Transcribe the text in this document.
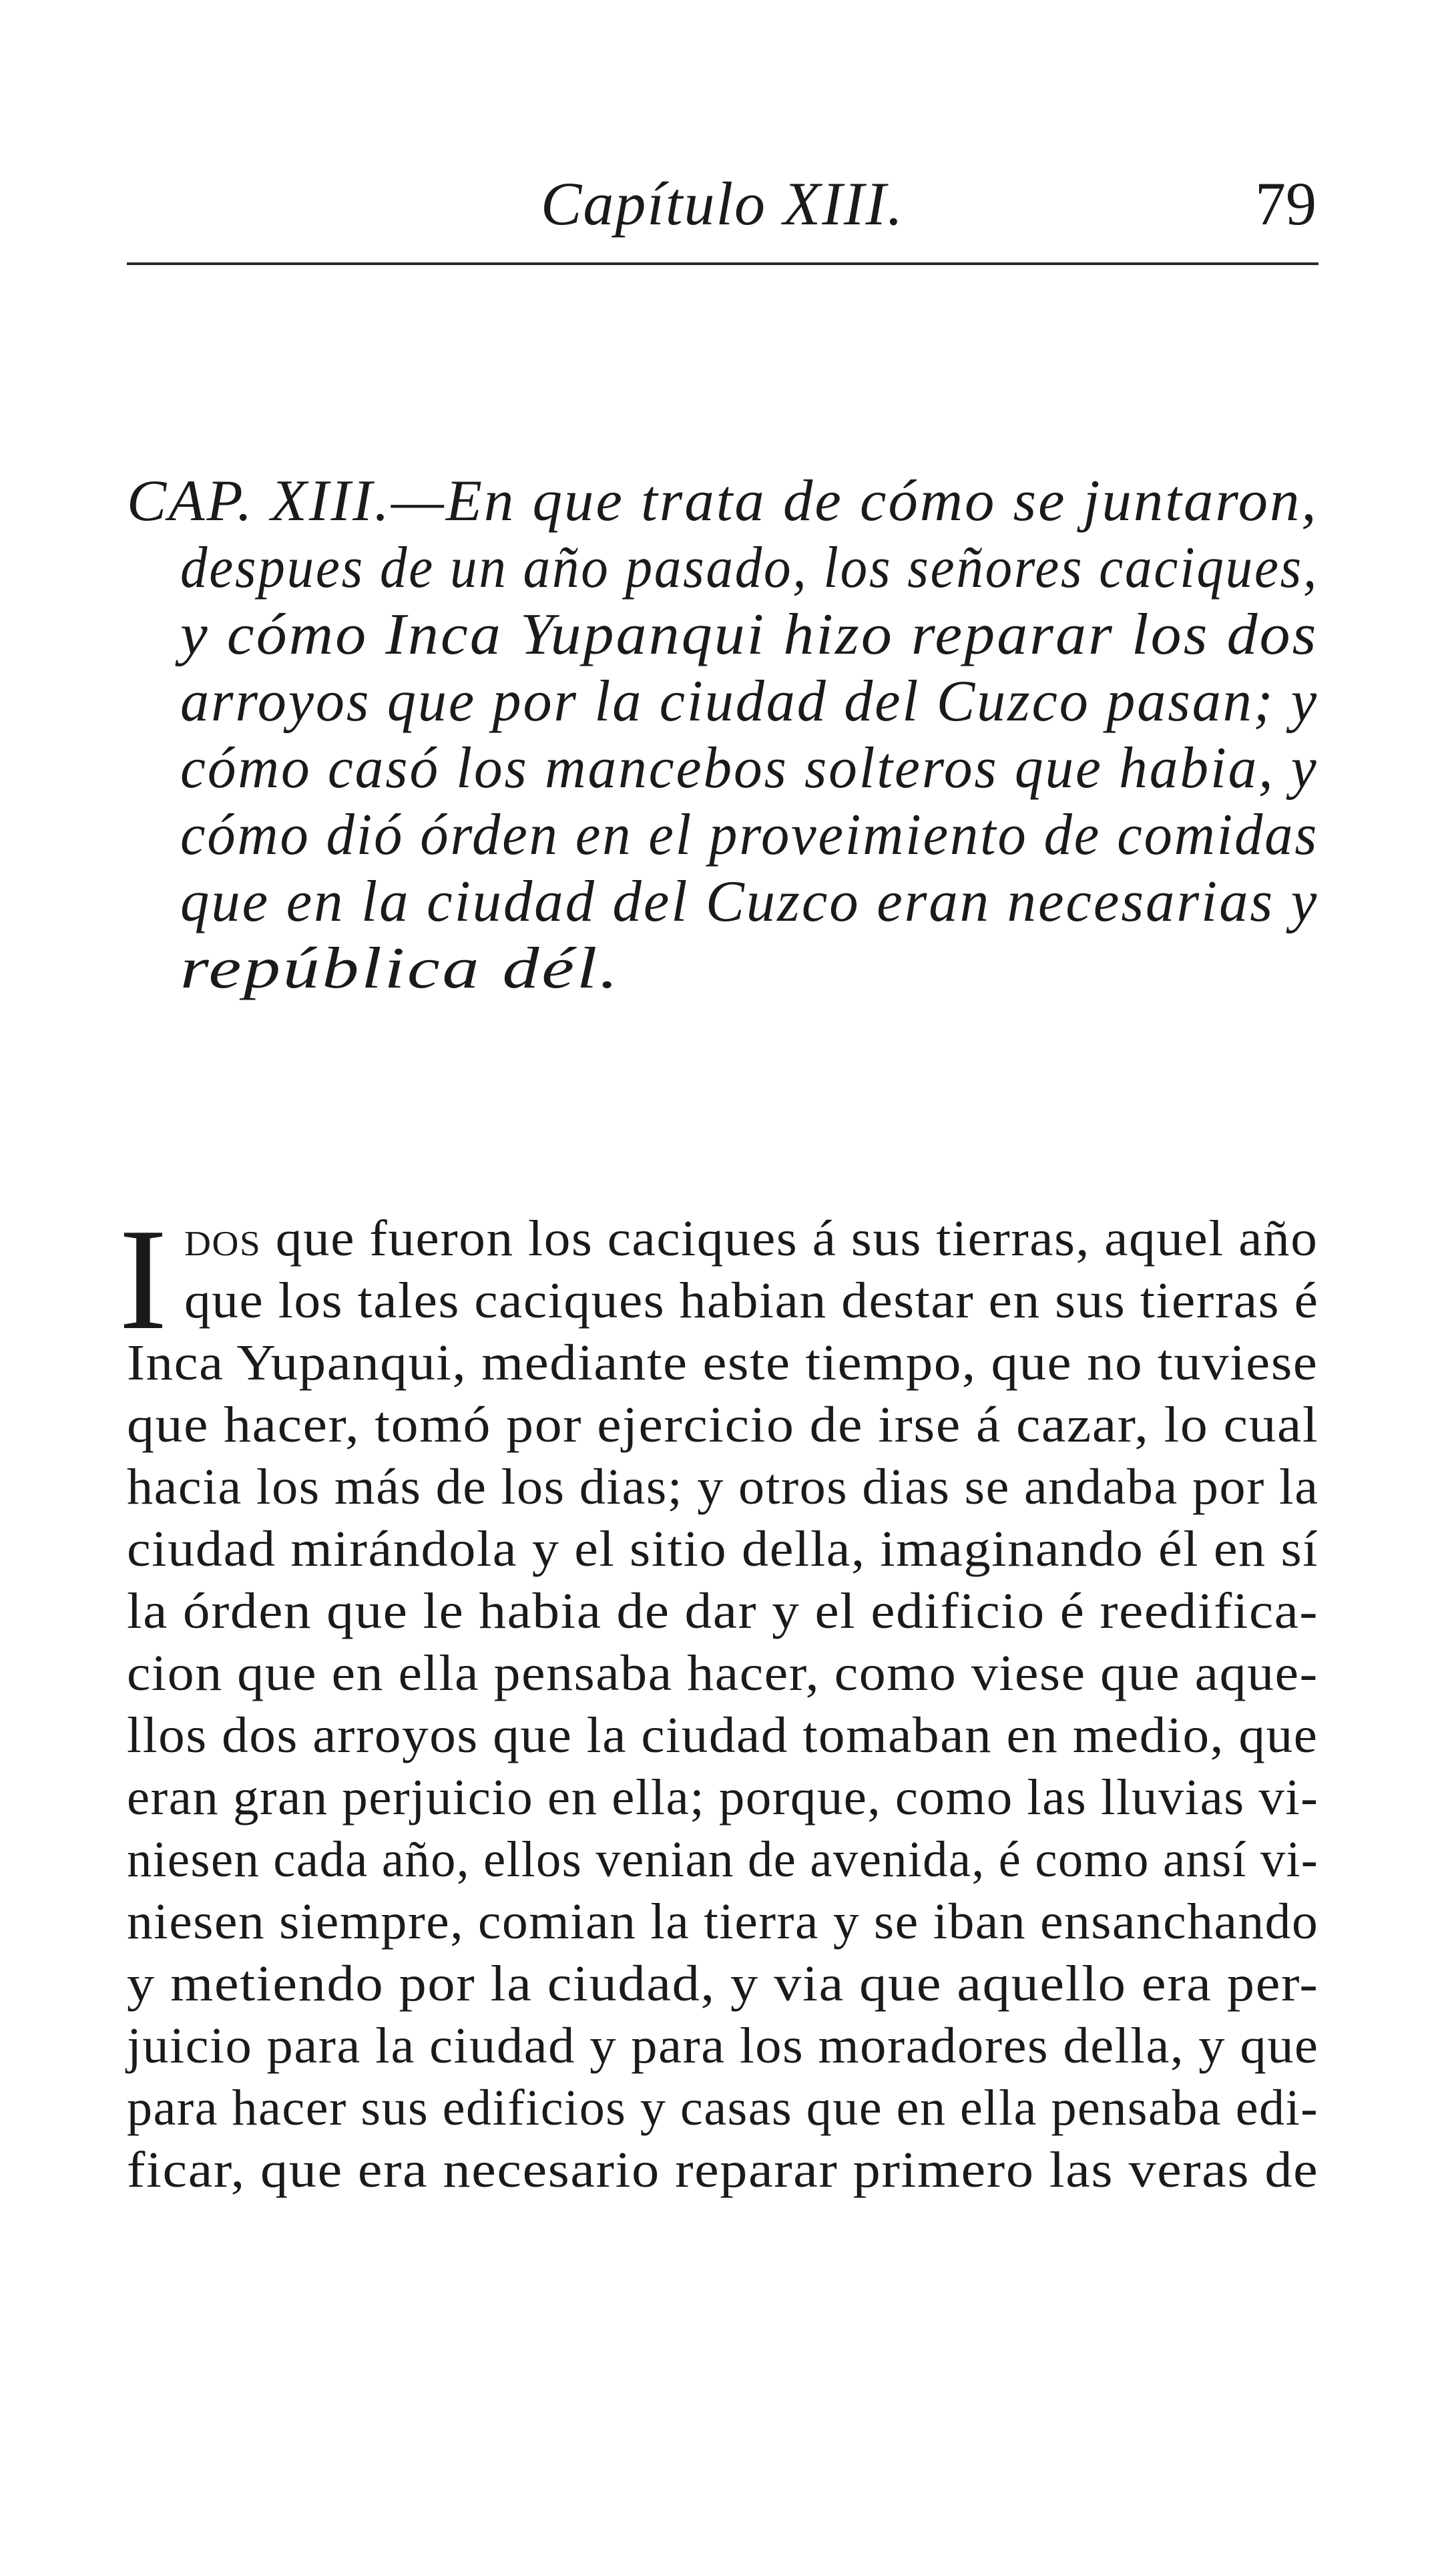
Capítulo XIII.	79
CAP. XIII.—En que trata de cómo se juntaron,
despues de un año pasado, los señores caciques,
y cómo Inca Yupanqui hizo reparar los dos
arroyos que por la ciudad del Cuzco pasan; y
cómo casó los mancebos solteros que habia, y
cómo dió órden en el proveimiento de comidas
que en la ciudad del Cuzco eran necesarias y
república dél.
I dos que fueron los caciques á sus tierras, aquel año
que los tales caciques habian destar en sus tierras é
Inca Yupanqui, mediante este tiempo, que no tuviese
que hacer, tomó por ejercicio de irse á cazar, lo cual
hacia los más de los dias; y otros dias se andaba por la
ciudad mirándola y el sitio della, imaginando él en sí
la órden que le habia de dar y el edificio é reedifica-
cion que en ella pensaba hacer, como viese que aque-
llos dos arroyos que la ciudad tomaban en medio, que
eran gran perjuicio en ella; porque, como las lluvias vi-
niesen cada año, ellos venian de avenida, é como ansí vi-
niesen siempre, comian la tierra y se iban ensanchando
y metiendo por la ciudad, y via que aquello era per-
juicio para la ciudad y para los moradores della, y que
para hacer sus edificios y casas que en ella pensaba edi-
ficar, que era necesario reparar primero las veras de
